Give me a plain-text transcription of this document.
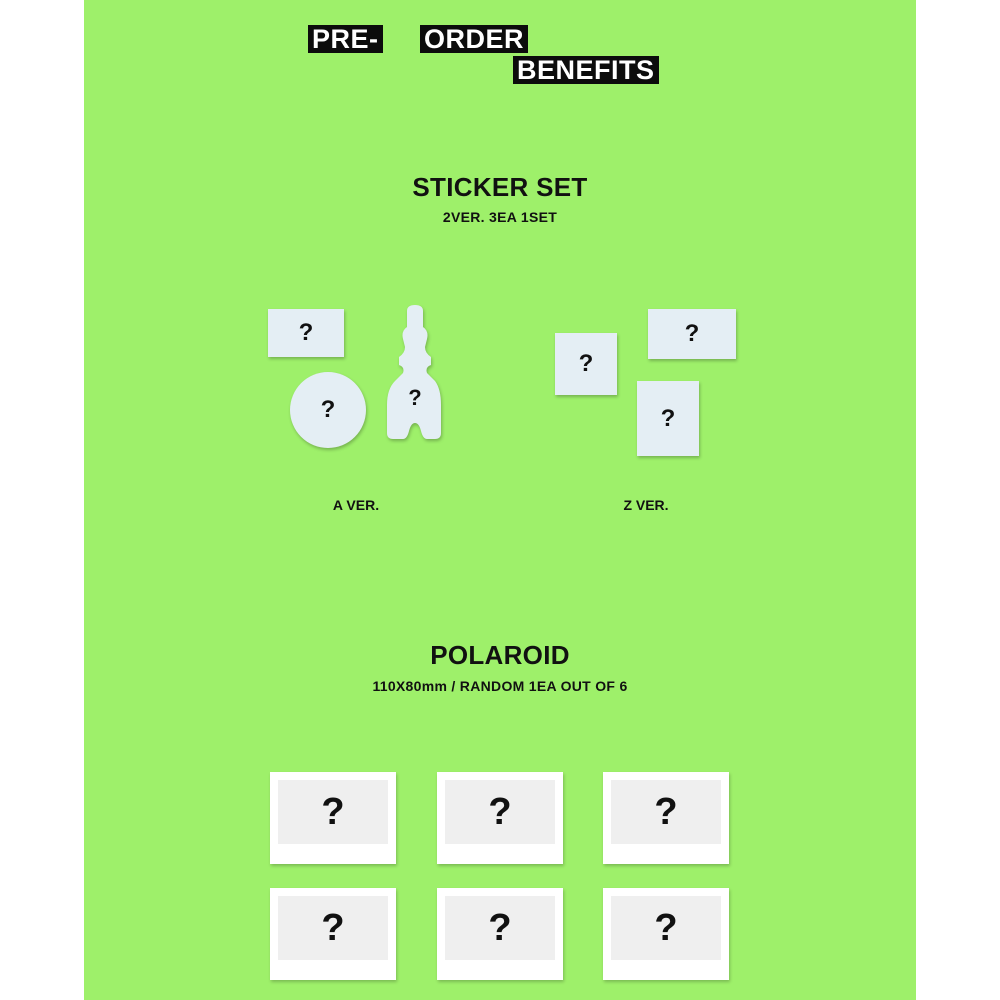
PRE- ORDER
BENEFITS
STICKER SET
2VER. 3EA 1SET
?
?	?
?
?
?
A VER.	Z VER.
POLAROID
110X80mm / RANDOM 1EA OUT OF 6
?	?	?
?	?	?
